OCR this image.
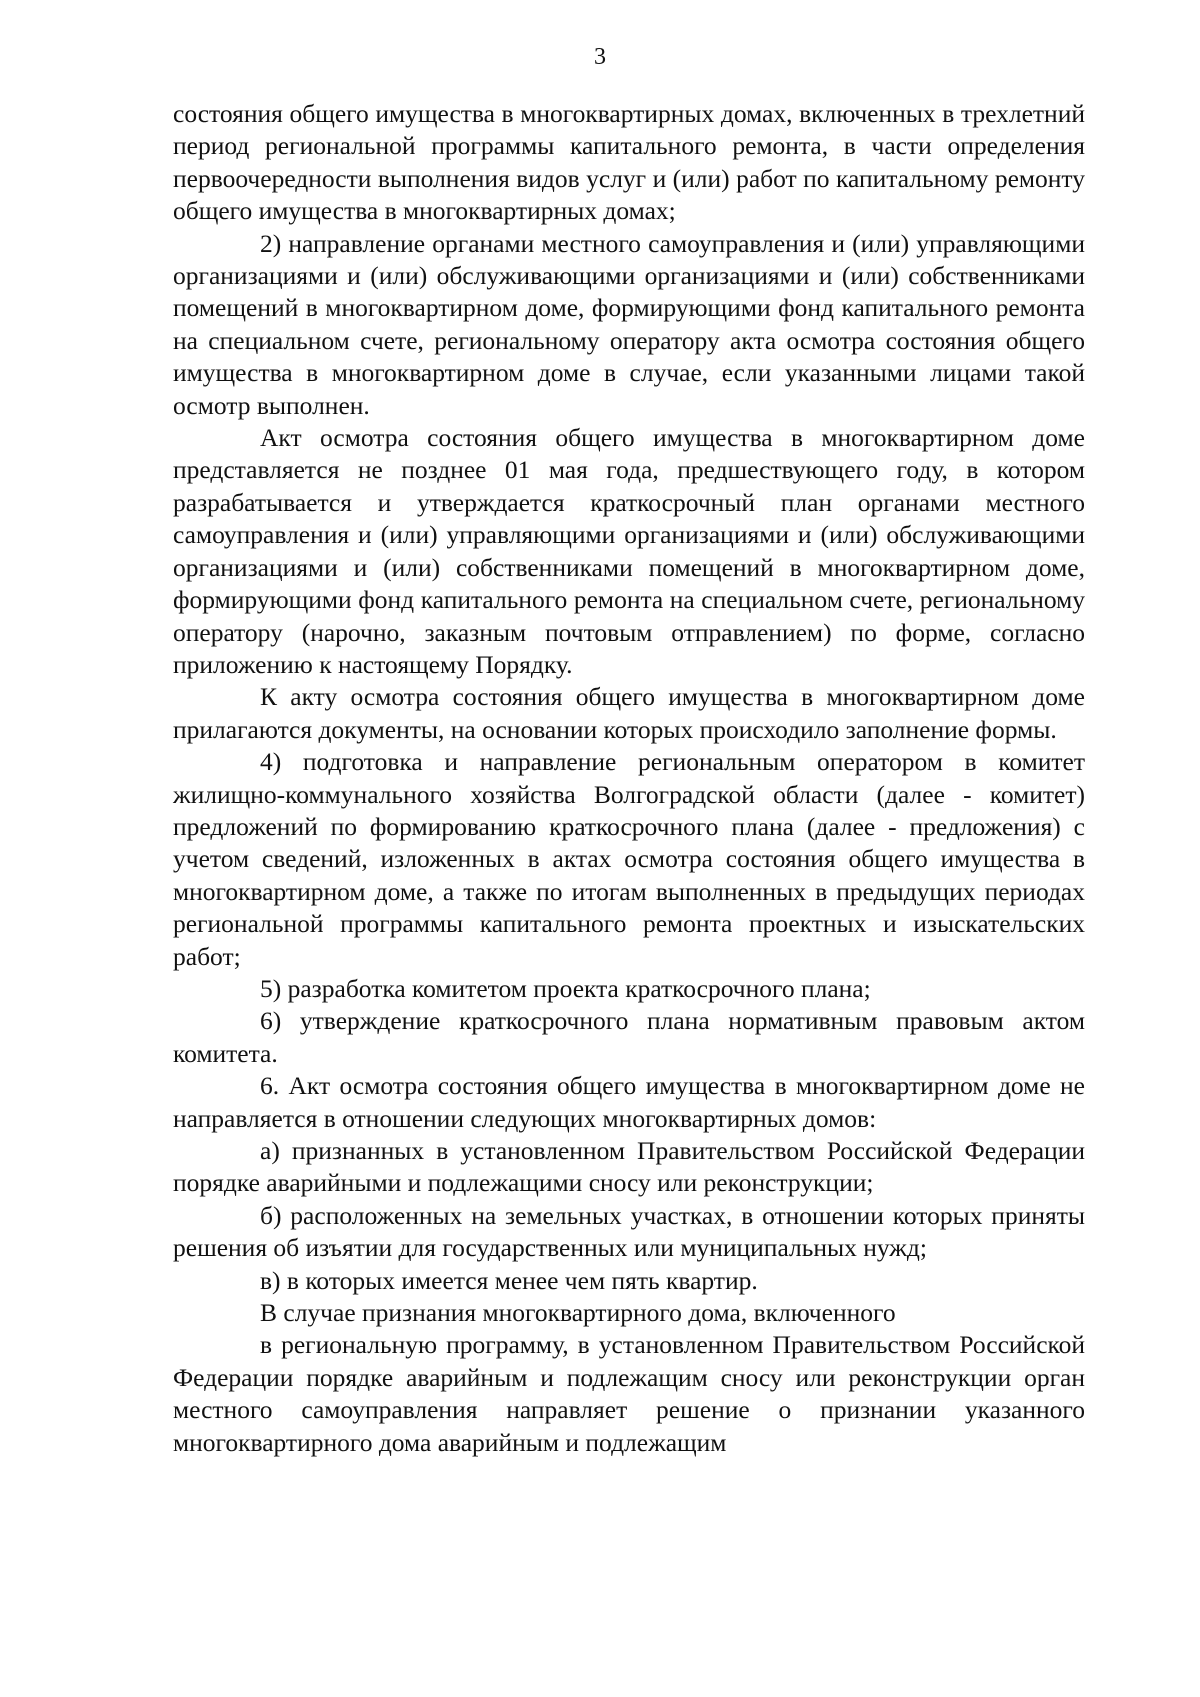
3

состояния общего имущества в многоквартирных домах, включенных в трехлетний период региональной программы капитального ремонта, в части определения первоочередности выполнения видов услуг и (или) работ по капитальному ремонту общего имущества в многоквартирных домах;

2) направление органами местного самоуправления и (или) управляющими организациями и (или) обслуживающими организациями и (или) собственниками помещений в многоквартирном доме, формирующими фонд капитального ремонта на специальном счете, региональному оператору акта осмотра состояния общего имущества в многоквартирном доме в случае, если указанными лицами такой осмотр выполнен.

Акт осмотра состояния общего имущества в многоквартирном доме представляется не позднее 01 мая года, предшествующего году, в котором разрабатывается и утверждается краткосрочный план органами местного самоуправления и (или) управляющими организациями и (или) обслуживающими организациями и (или) собственниками помещений в многоквартирном доме, формирующими фонд капитального ремонта на специальном счете, региональному оператору (нарочно, заказным почтовым отправлением) по форме, согласно приложению к настоящему Порядку.

К акту осмотра состояния общего имущества в многоквартирном доме прилагаются документы, на основании которых происходило заполнение формы.

4) подготовка и направление региональным оператором в комитет жилищно-коммунального хозяйства Волгоградской области (далее - комитет) предложений по формированию краткосрочного плана (далее - предложения) с учетом сведений, изложенных в актах осмотра состояния общего имущества в многоквартирном доме, а также по итогам выполненных в предыдущих периодах региональной программы капитального ремонта проектных и изыскательских работ;

5) разработка комитетом проекта краткосрочного плана;

6) утверждение краткосрочного плана нормативным правовым актом комитета.

6. Акт осмотра состояния общего имущества в многоквартирном доме не направляется в отношении следующих многоквартирных домов:

а) признанных в установленном Правительством Российской Федерации порядке аварийными и подлежащими сносу или реконструкции;

б) расположенных на земельных участках, в отношении которых приняты решения об изъятии для государственных или муниципальных нужд;

в) в которых имеется менее чем пять квартир.

В случае признания многоквартирного дома, включенного

в региональную программу, в установленном Правительством Российской Федерации порядке аварийным и подлежащим сносу или реконструкции орган местного самоуправления направляет решение о признании указанного многоквартирного дома аварийным и подлежащим
